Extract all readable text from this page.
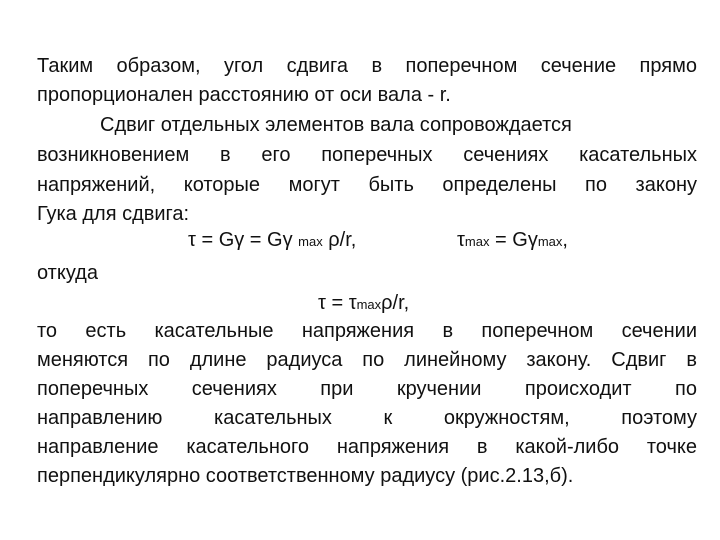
Таким образом, угол сдвига в поперечном сечение прямо
пропорционален расстоянию от оси вала - r.
Сдвиг отдельных элементов вала сопровождается
возникновением в его поперечных сечениях касательных
напряжений, которые могут быть определены по закону
Гука для сдвига:
τ = Gγ = Gγ max ρ/r,	τmax = Gγmax,
откуда
τ = τmaxρ/r,
то есть касательные напряжения в поперечном сечении
меняются по длине радиуса по линейному закону. Сдвиг в
поперечных сечениях при кручении происходит по
направлению касательных к окружностям, поэтому
направление касательного напряжения в какой-либо точке
перпендикулярно соответственному радиусу (рис.2.13,б).
